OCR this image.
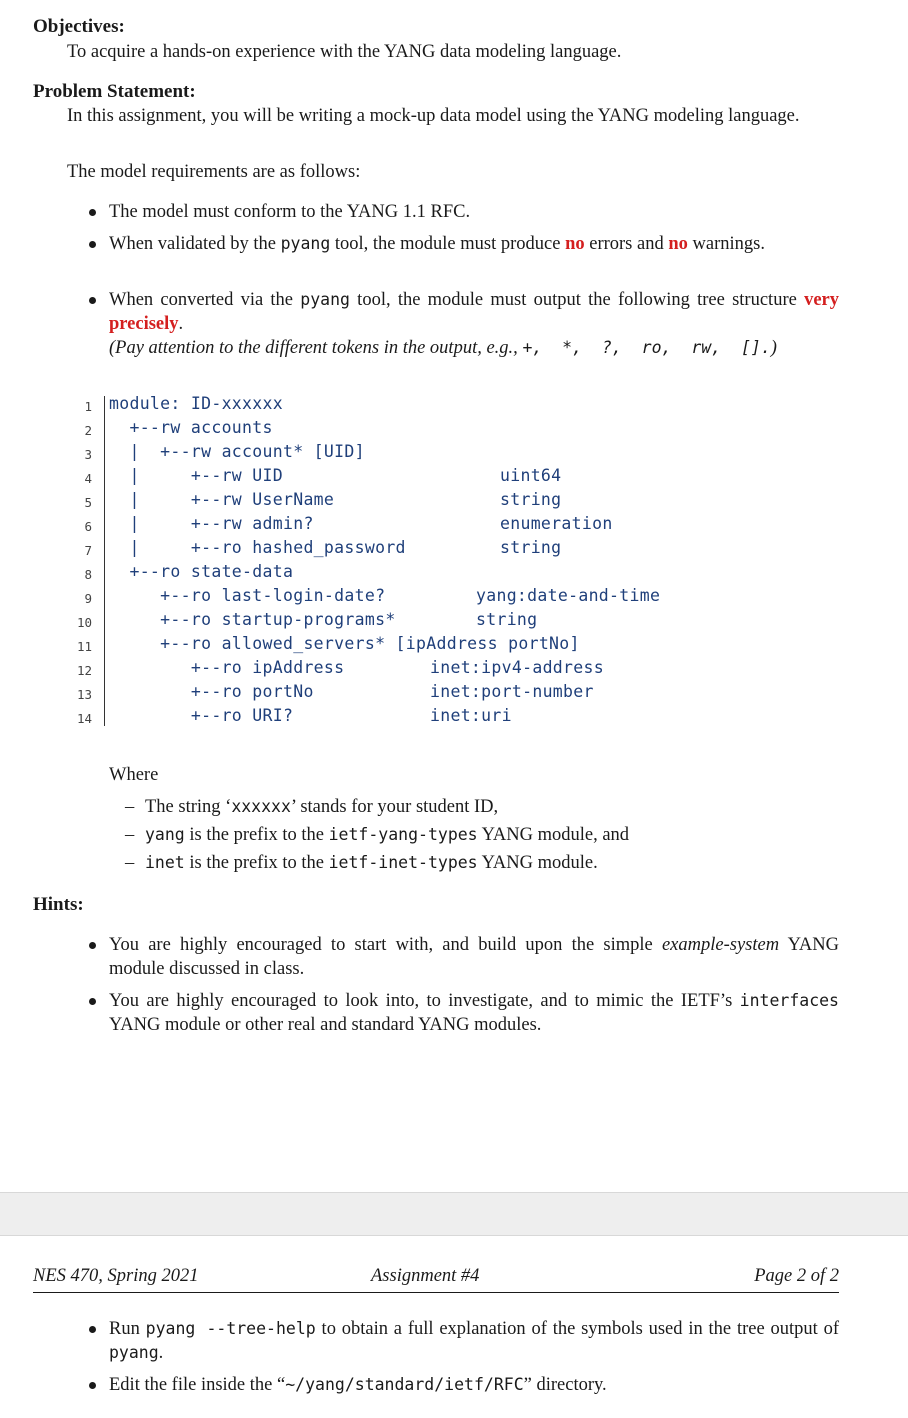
Objectives:
To acquire a hands-on experience with the YANG data modeling language.
Problem Statement:
In this assignment, you will be writing a mock-up data model using the YANG modeling language.
The model requirements are as follows:
The model must conform to the YANG 1.1 RFC.
When validated by the pyang tool, the module must produce no errors and no warnings.
When converted via the pyang tool, the module must output the following tree structure very precisely.
(Pay attention to the different tokens in the output, e.g., +,  *,  ?,  ro,  rw,  [].)
1 module: ID-xxxxxx
2 +--rw accounts
3 |  +--rw account* [UID]
4 |     +--rw UID	uint64
5 |     +--rw UserName	string
6 |     +--rw admin?	enumeration
7 |     +--ro hashed_password	string
8 +--ro state-data
9 +--ro last-login-date?	yang:date-and-time
10 +--ro startup-programs*	string
11 +--ro allowed_servers* [ipAddress portNo]
12 +--ro ipAddress	inet:ipv4-address
13 +--ro portNo	inet:port-number
14 +--ro URI?	inet:uri
Where
– The string ‘xxxxxx’ stands for your student ID,
– yang is the prefix to the ietf-yang-types YANG module, and
– inet is the prefix to the ietf-inet-types YANG module.
Hints:
You are highly encouraged to start with, and build upon the simple example-system YANG module discussed in class.
You are highly encouraged to look into, to investigate, and to mimic the IETF’s interfaces YANG module or other real and standard YANG modules.
NES 470, Spring 2021	Assignment #4	Page 2 of 2
Run pyang --tree-help to obtain a full explanation of the symbols used in the tree output of pyang.
Edit the file inside the “~/yang/standard/ietf/RFC” directory.
